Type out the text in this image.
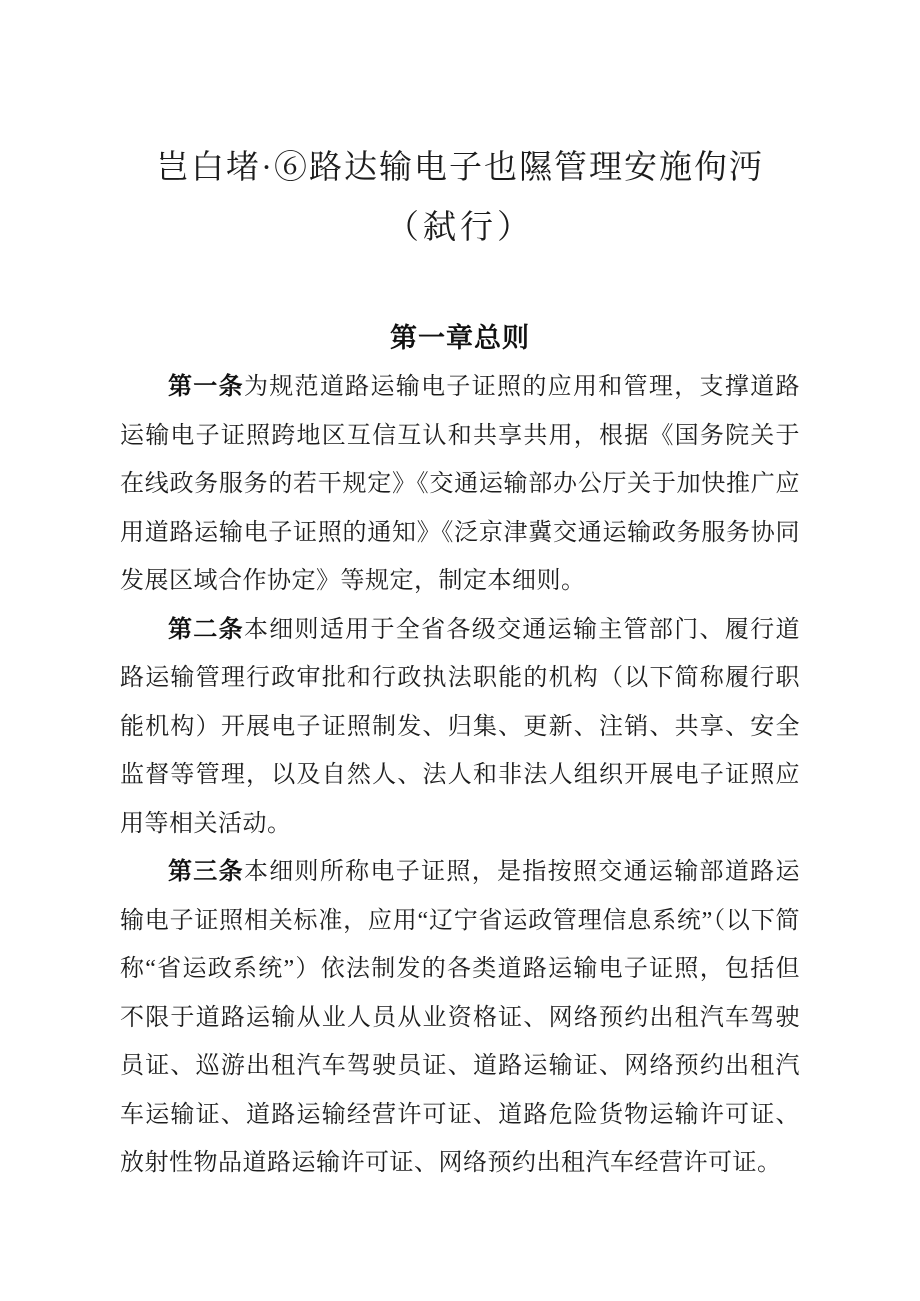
岂白堵·⑥路达输电子也隰管理安施佝沔
（弑行）
第一章总则

第一条为规范道路运输电子证照的应用和管理，支撑道路运输电子证照跨地区互信互认和共享共用，根据《国务院关于在线政务服务的若干规定》《交通运输部办公厅关于加快推广应用道路运输电子证照的通知》《泛京津冀交通运输政务服务协同发展区域合作协定》等规定，制定本细则。

第二条本细则适用于全省各级交通运输主管部门、履行道路运输管理行政审批和行政执法职能的机构（以下简称履行职能机构）开展电子证照制发、归集、更新、注销、共享、安全监督等管理，以及自然人、法人和非法人组织开展电子证照应用等相关活动。

第三条本细则所称电子证照，是指按照交通运输部道路运输电子证照相关标准，应用“辽宁省运政管理信息系统”（以下简称“省运政系统”）依法制发的各类道路运输电子证照，包括但不限于道路运输从业人员从业资格证、网络预约出租汽车驾驶员证、巡游出租汽车驾驶员证、道路运输证、网络预约出租汽车运输证、道路运输经营许可证、道路危险货物运输许可证、放射性物品道路运输许可证、网络预约出租汽车经营许可证。
